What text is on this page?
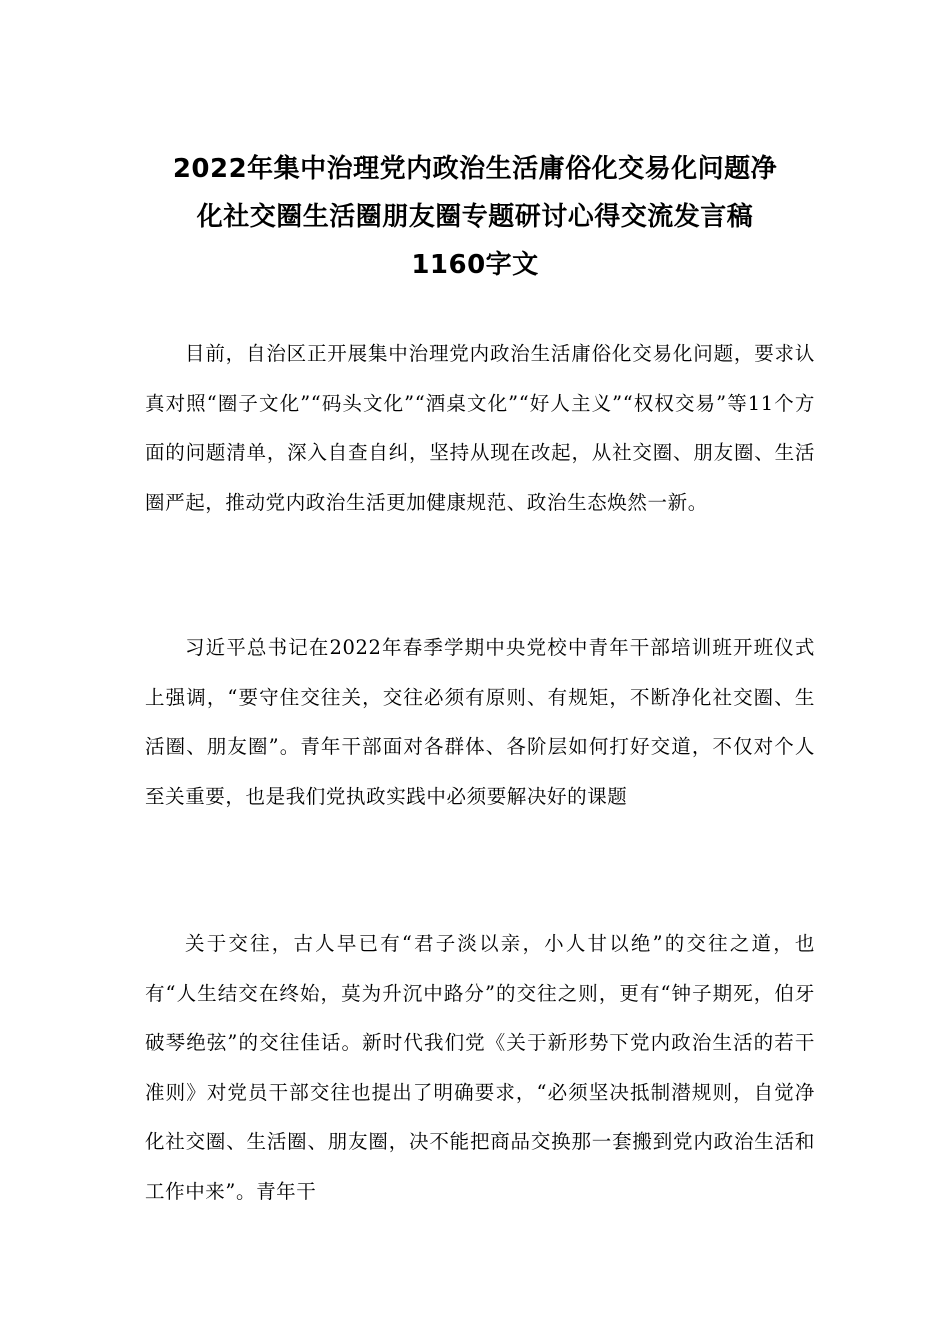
2022年集中治理党内政治生活庸俗化交易化问题净
化社交圈生活圈朋友圈专题研讨心得交流发言稿
1160字文

目前，自治区正开展集中治理党内政治生活庸俗化交易化问题，要求认真对照“圈子文化”“码头文化”“酒桌文化”“好人主义”“权权交易”等11个方面的问题清单，深入自查自纠，坚持从现在改起，从社交圈、朋友圈、生活圈严起，推动党内政治生活更加健康规范、政治生态焕然一新。

习近平总书记在2022年春季学期中央党校中青年干部培训班开班仪式上强调，“要守住交往关，交往必须有原则、有规矩，不断净化社交圈、生活圈、朋友圈”。青年干部面对各群体、各阶层如何打好交道，不仅对个人至关重要，也是我们党执政实践中必须要解决好的课题

关于交往，古人早已有“君子淡以亲，小人甘以绝”的交往之道，也有“人生结交在终始，莫为升沉中路分”的交往之则，更有“钟子期死，伯牙破琴绝弦”的交往佳话。新时代我们党《关于新形势下党内政治生活的若干准则》对党员干部交往也提出了明确要求，“必须坚决抵制潜规则，自觉净化社交圈、生活圈、朋友圈，决不能把商品交换那一套搬到党内政治生活和工作中来”。青年干
